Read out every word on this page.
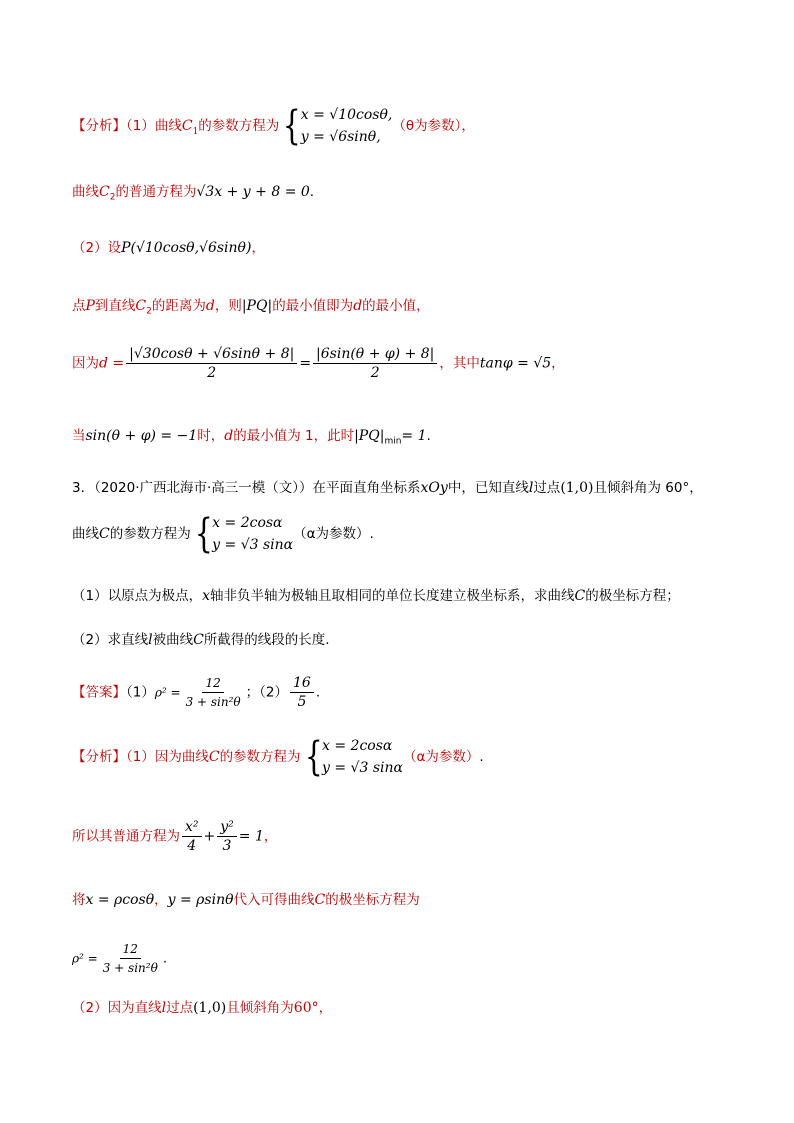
【分析】（1）曲线$C_1$的参数方程为{x = √10cosθ,
y = √6sinθ,（θ为参数），
曲线$C_2$的普通方程为√3x + y + 8 = 0.
（2）设P(√10cosθ,√6sinθ)，
点P到直线$C_2$的距离为d，则|PQ|的最小值即为d的最小值，
因为$d = \frac{|√30\cos\theta + √6\sin\theta + 8|}{2} = \frac{|6\sin(\theta + \varphi) + 8|}{2}$ ，其中tanφ = √5，
当sin(θ + φ) = −1时，d的最小值为 1，此时$|PQ|_{min}= 1$.
3．（2020·广西北海市·高三一模（文））在平面直角坐标系xOy中，已知直线l过点(1,0)且倾斜角为 60°，
曲线C的参数方程为{x = 2cosα
y = √3 sinα（α为参数）.
（1）以原点为极点，x轴非负半轴为极轴且取相同的单位长度建立极坐标系，求曲线C的极坐标方程；
（2）求直线l被曲线C所截得的线段的长度.
【答案】$(1)\rho^2 = \frac{12}{\text{3 + sin²θ}}$ ；$(2) \frac{16}{5}$ .
【分析】（1）因为曲线C的参数方程为{x = 2cosα
y = √3 sinα（α为参数）.
所以其普通方程为 $\frac{\text{x²}}{4} + \frac{\text{y²}}{3} = 1$，
将x = ρcosθ，y = ρsinθ代入可得曲线C的极坐标方程为
$\rho^2 = \frac{12}{\text{3 + sin²θ}}$ .
（2）因为直线l过点(1,0)且倾斜角为60°，
